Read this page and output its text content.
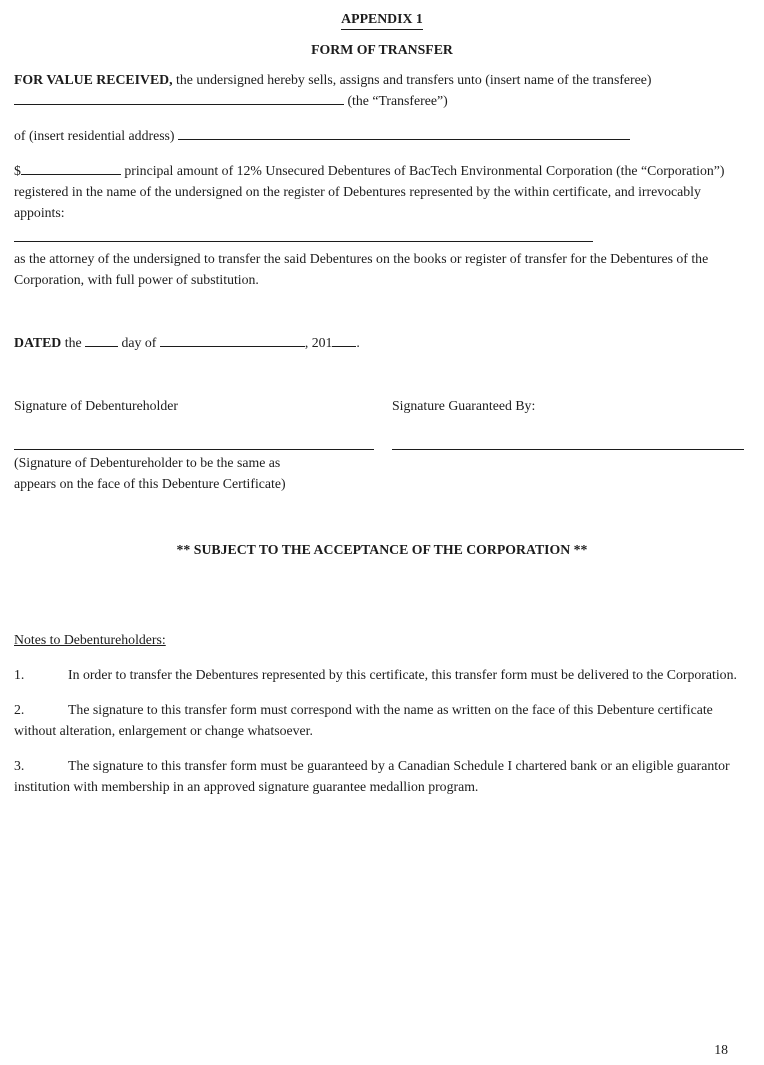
APPENDIX 1
FORM OF TRANSFER

FOR VALUE RECEIVED, the undersigned hereby sells, assigns and transfers unto (insert name of the transferee)
(the “Transferee”)

of (insert residential address)

$	principal amount of 12% Unsecured Debentures of BacTech Environmental Corporation (the “Corporation”) registered in the name of the undersigned on the register of Debentures represented by the within certificate, and irrevocably appoints:

as the attorney of the undersigned to transfer the said Debentures on the books or register of transfer for the Debentures of the Corporation, with full power of substitution.

DATED the  day of	, 201 .

Signature of Debentureholder	Signature Guaranteed By:
(Signature of Debentureholder to be the same as
appears on the face of this Debenture Certificate)
** SUBJECT TO THE ACCEPTANCE OF THE CORPORATION **
Notes to Debentureholders:

1.	In order to transfer the Debentures represented by this certificate, this transfer form must be delivered to the Corporation.

2.	The signature to this transfer form must correspond with the name as written on the face of this Debenture certificate without alteration, enlargement or change whatsoever.

3.	The signature to this transfer form must be guaranteed by a Canadian Schedule I chartered bank or an eligible guarantor institution with membership in an approved signature guarantee medallion program.

18
